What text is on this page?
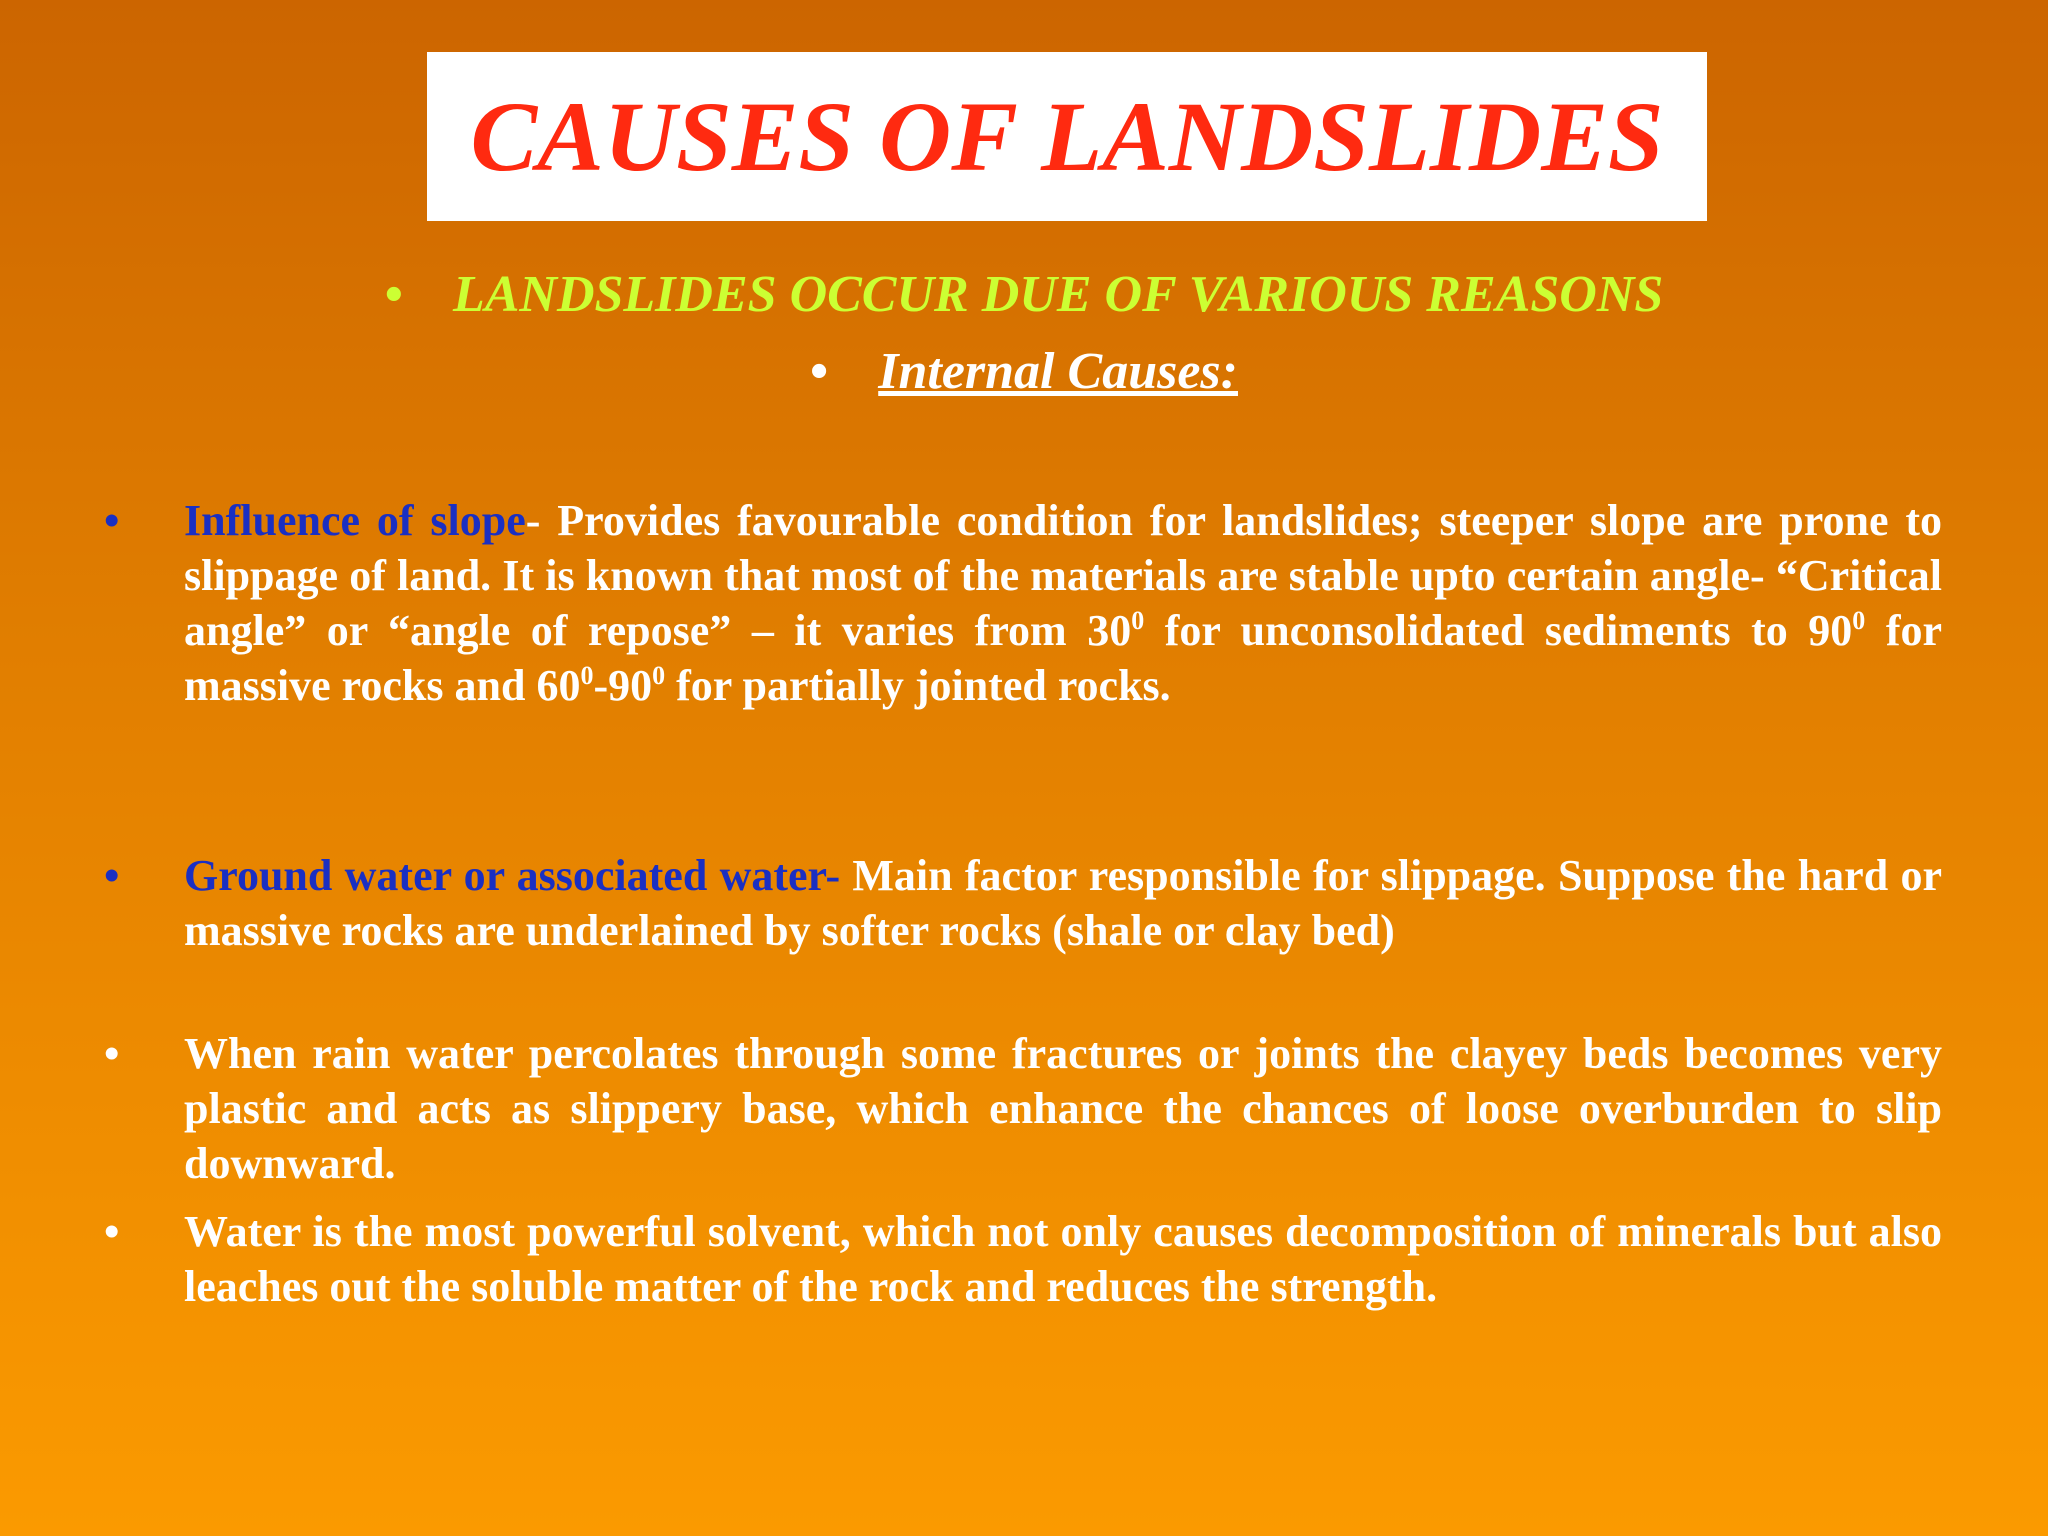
CAUSES OF LANDSLIDES
• LANDSLIDES OCCUR DUE OF VARIOUS REASONS
• Internal Causes:
•	Influence of slope- Provides favourable condition for landslides; steeper slope are prone to slippage of land. It is known that most of the materials are stable upto certain angle- “Critical angle” or “angle of repose” – it varies from $30^0$ for unconsolidated sediments to $90^0$ for massive rocks and $60^0-90^0$ for partially jointed rocks.
•	Ground water or associated water- Main factor responsible for slippage. Suppose the hard or massive rocks are underlained by softer rocks (shale or clay bed)
•	When rain water percolates through some fractures or joints the clayey beds becomes very plastic and acts as slippery base, which enhance the chances of loose overburden to slip downward.
•	Water is the most powerful solvent, which not only causes decomposition of minerals but also leaches out the soluble matter of the rock and reduces the strength.
